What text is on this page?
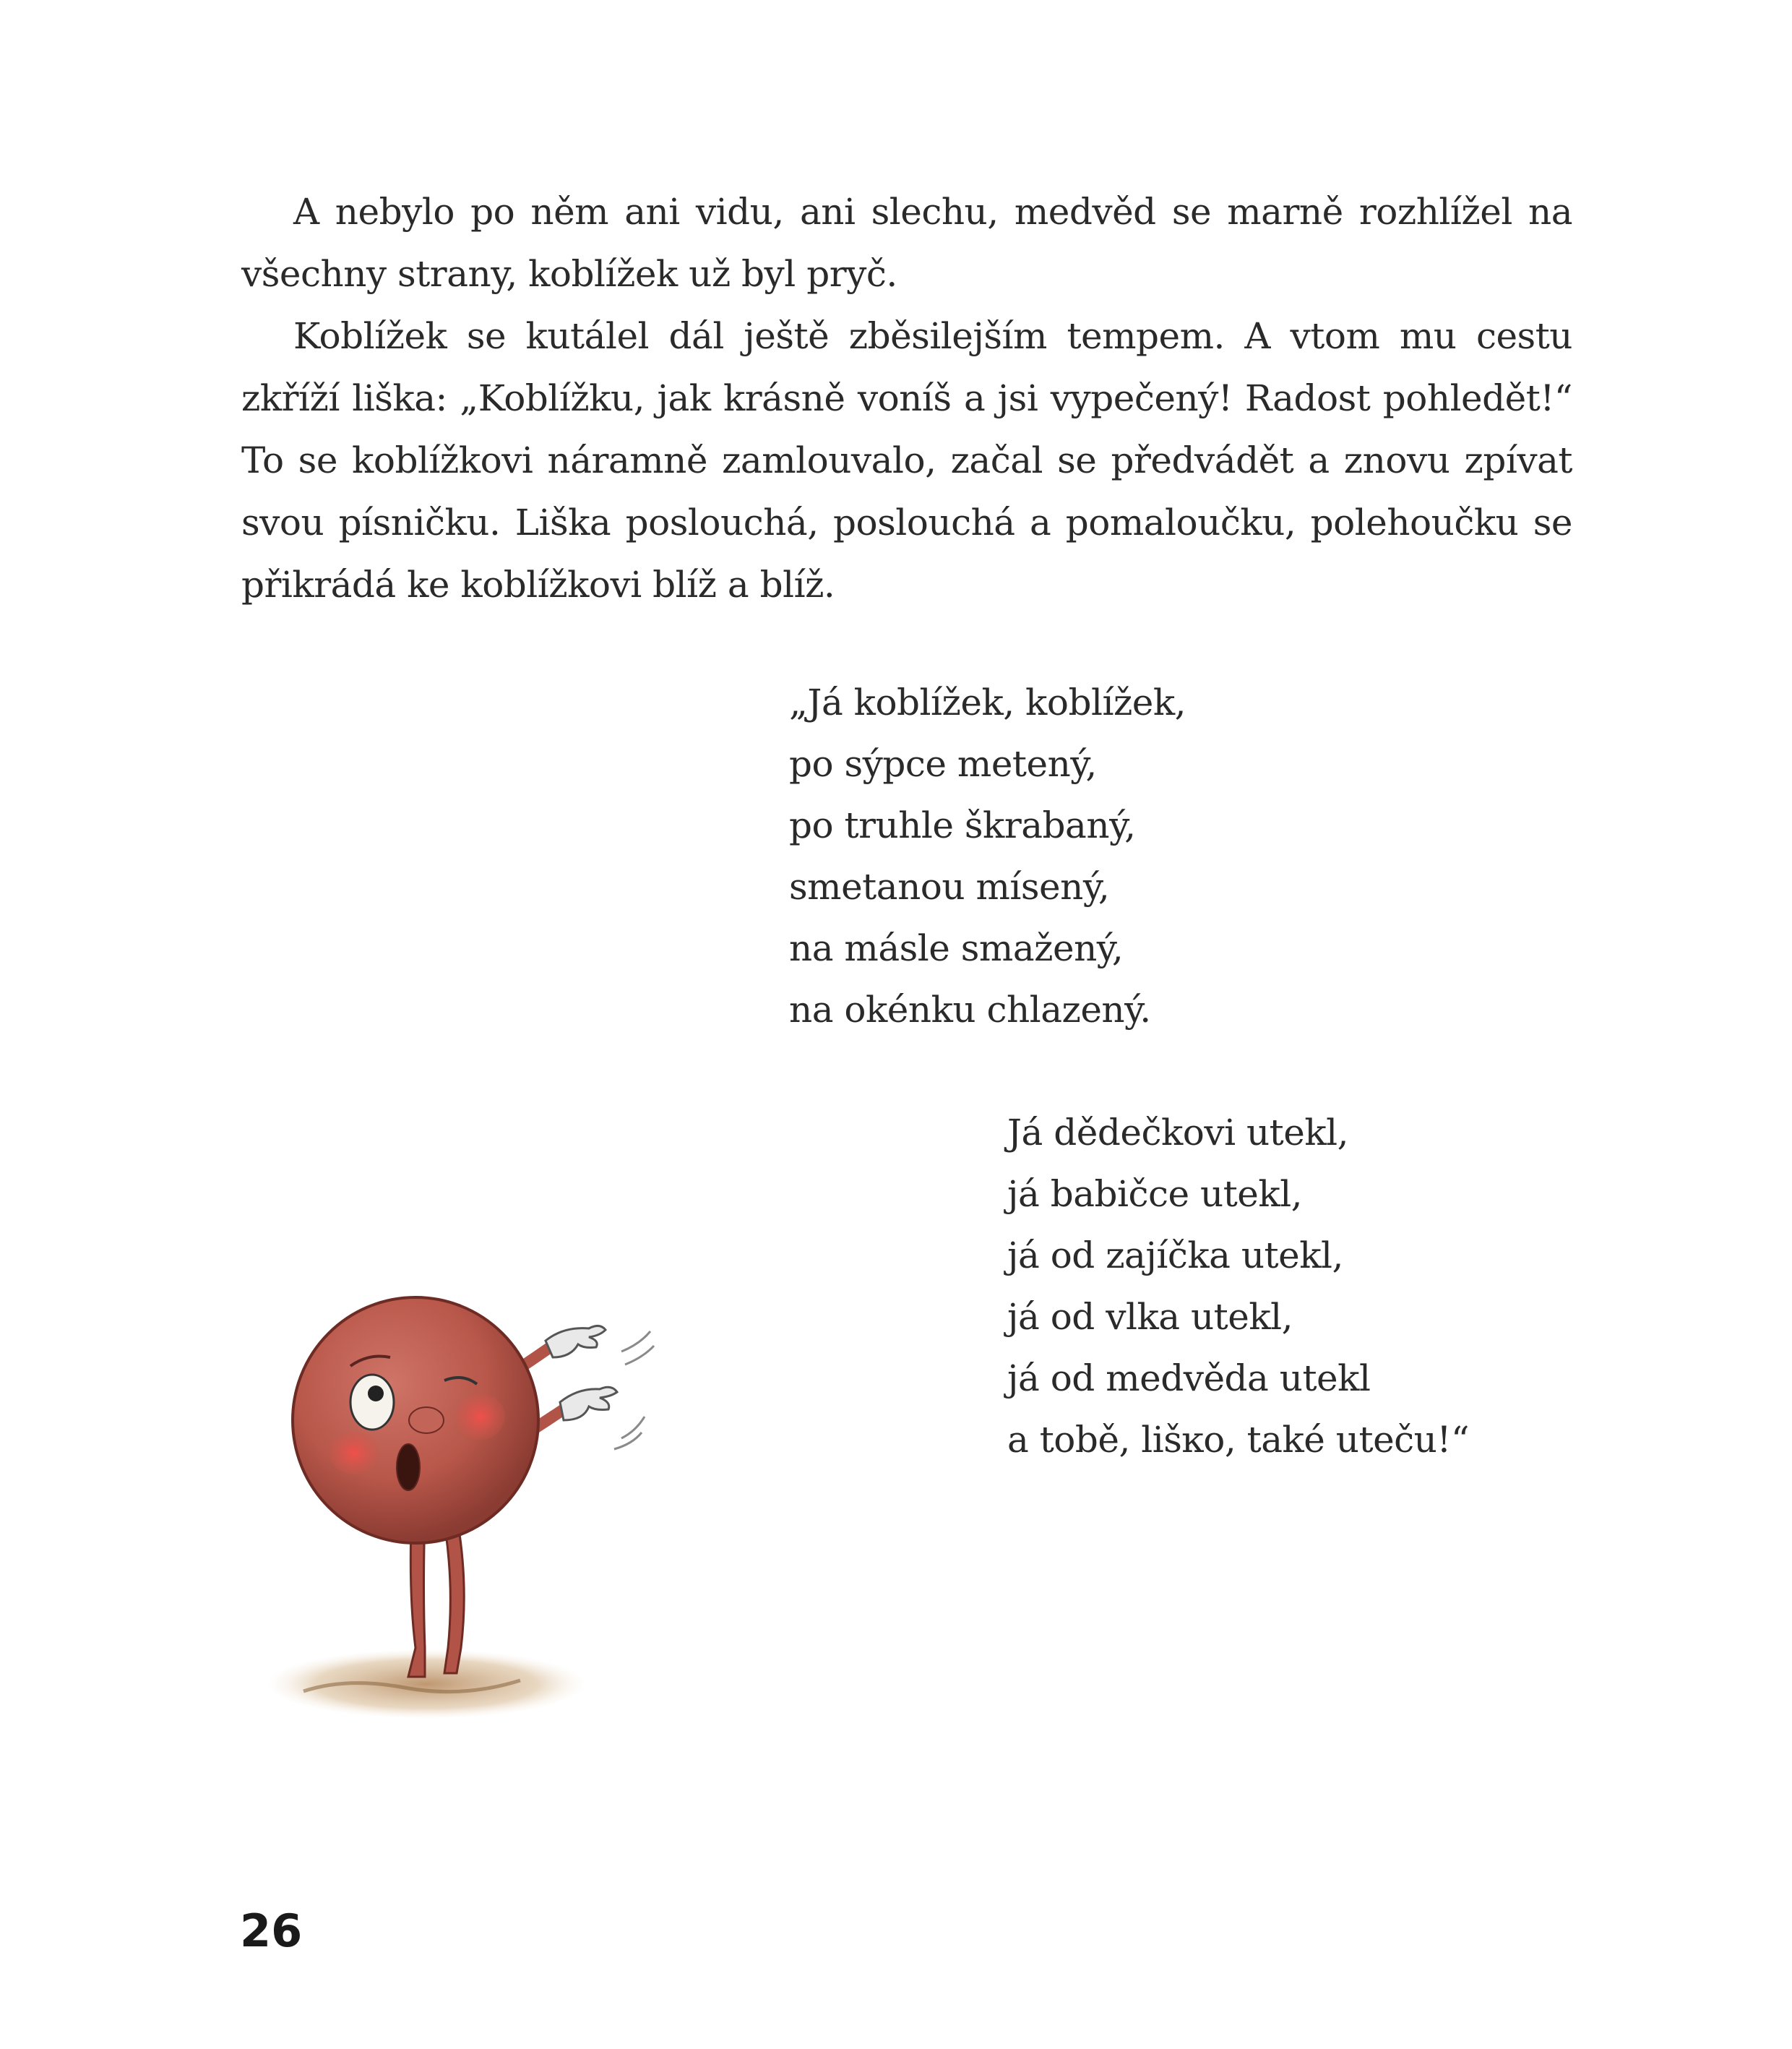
A nebylo po něm ani vidu, ani slechu, medvěd se marně rozhlížel na všechny strany, koblížek už byl pryč.

Koblížek se kutálel dál ještě zběsilejším tempem. A vtom mu cestu zkříží liška: „Koblížku, jak krásně voníš a jsi vypečený! Radost pohledět!“ To se koblížkovi náramně zamlouvalo, začal se předvádět a znovu zpívat svou písničku. Liška poslouchá, poslouchá a pomaloučku, polehoučku se přikrádá ke koblížkovi blíž a blíž.

„Já koblížek, koblížek,
po sýpce metený,
po truhle škrabaný,
smetanou mísený,
na másle smažený,
na okénku chlazený.
Já dědečkovi utekl,
já babičce utekl,
já od zajíčka utekl,
já od vlka utekl,
já od medvěda utekl
a tobě, lišĸo, také uteču!“
26
